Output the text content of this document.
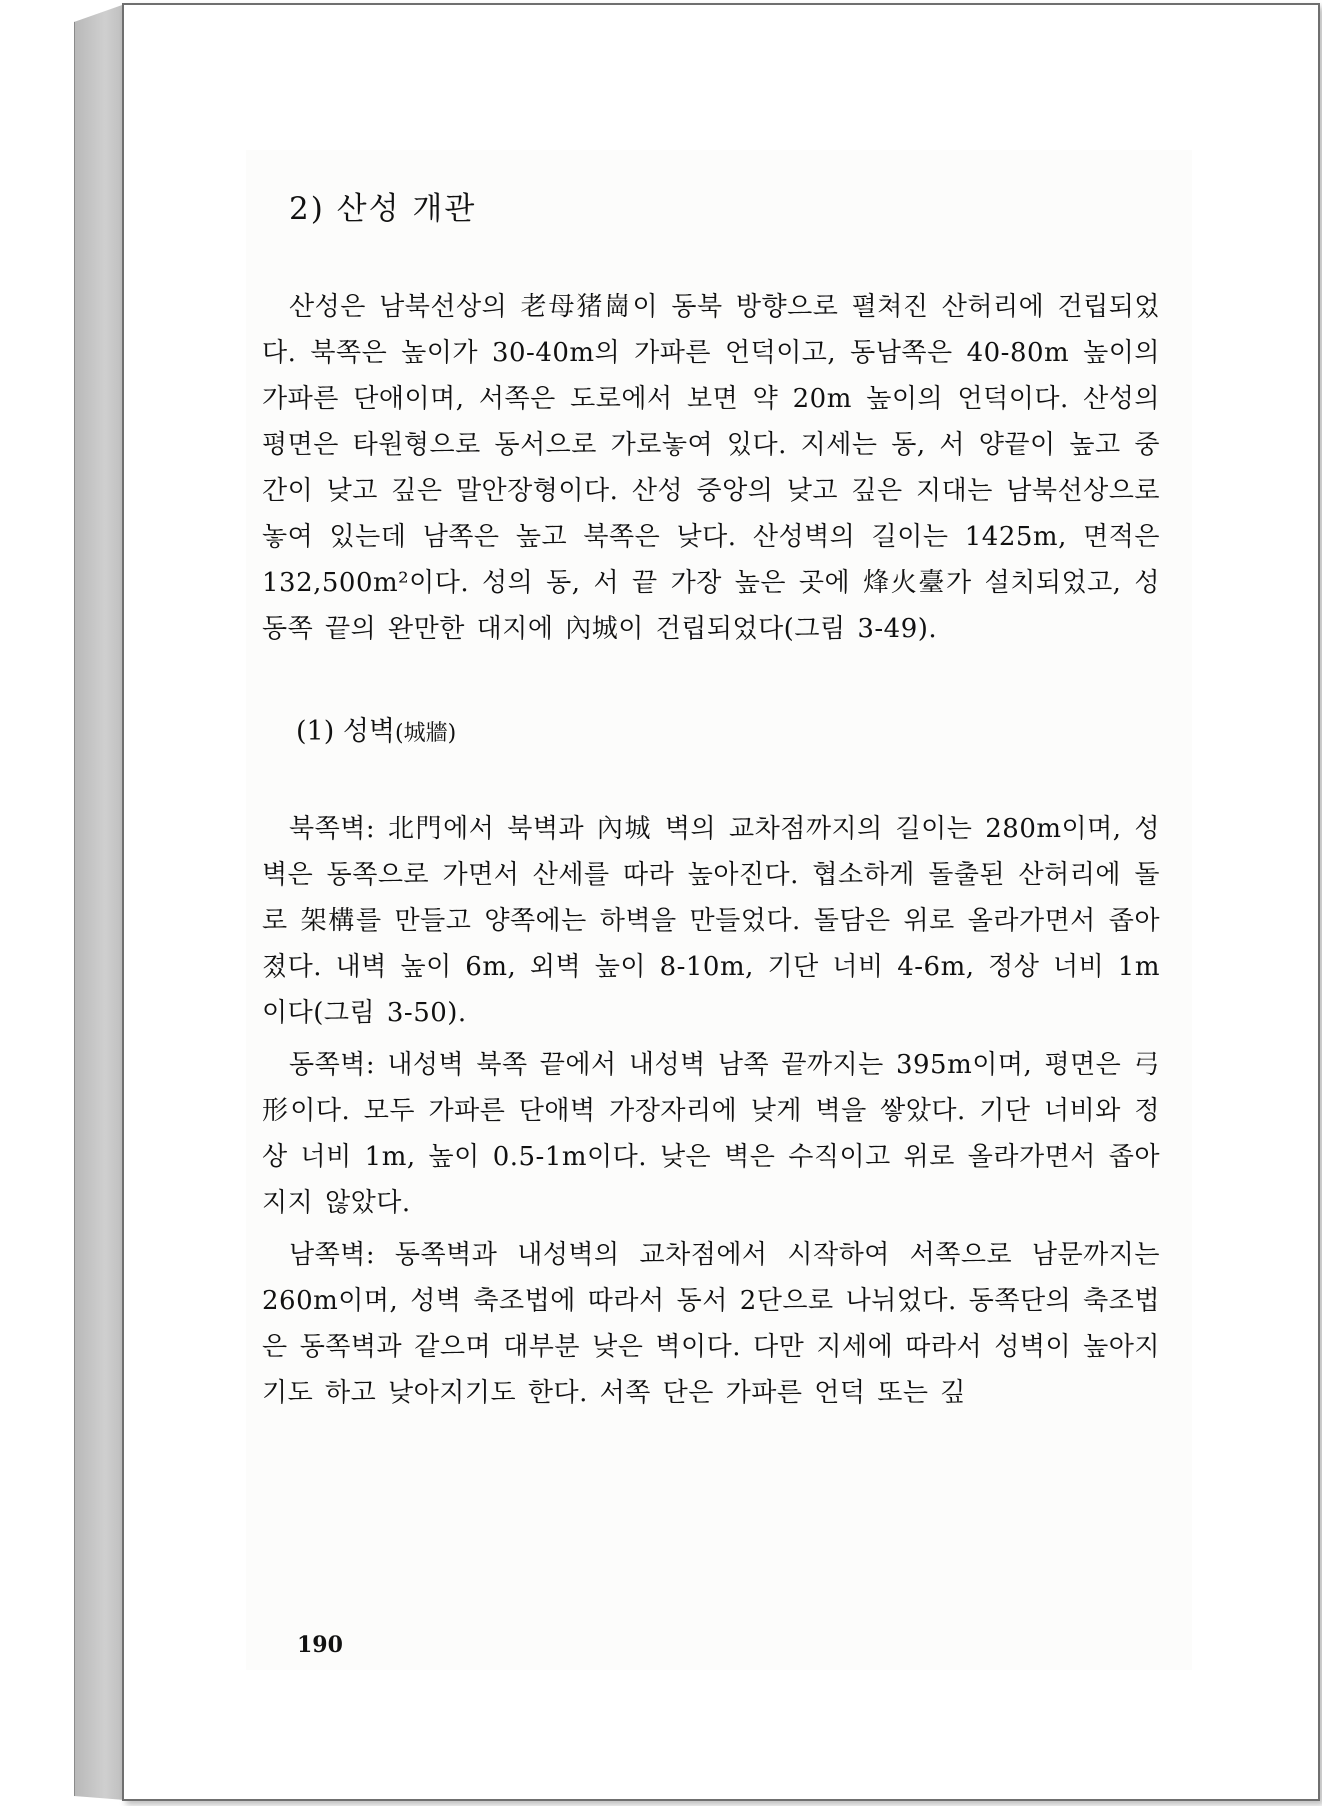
2) 산성 개관

산성은 남북선상의 老母猪崗이 동북 방향으로 펼쳐진 산허리에 건립되었다. 북쪽은 높이가 30-40m의 가파른 언덕이고, 동남쪽은 40-80m 높이의 가파른 단애이며, 서쪽은 도로에서 보면 약 20m 높이의 언덕이다. 산성의 평면은 타원형으로 동서으로 가로놓여 있다. 지세는 동, 서 양끝이 높고 중간이 낮고 깊은 말안장형이다. 산성 중앙의 낮고 깊은 지대는 남북선상으로 놓여 있는데 남쪽은 높고 북쪽은 낮다. 산성벽의 길이는 1425m, 면적은 132,500m²이다. 성의 동, 서 끝 가장 높은 곳에 烽火臺가 설치되었고, 성 동쪽 끝의 완만한 대지에 內城이 건립되었다(그림 3-49).

(1) 성벽(城牆)

북쪽벽: 北門에서 북벽과 內城 벽의 교차점까지의 길이는 280m이며, 성벽은 동쪽으로 가면서 산세를 따라 높아진다. 협소하게 돌출된 산허리에 돌로 架構를 만들고 양쪽에는 하벽을 만들었다. 돌담은 위로 올라가면서 좁아졌다. 내벽 높이 6m, 외벽 높이 8-10m, 기단 너비 4-6m, 정상 너비 1m이다(그림 3-50).

동쪽벽: 내성벽 북쪽 끝에서 내성벽 남쪽 끝까지는 395m이며, 평면은 弓形이다. 모두 가파른 단애벽 가장자리에 낮게 벽을 쌓았다. 기단 너비와 정상 너비 1m, 높이 0.5-1m이다. 낮은 벽은 수직이고 위로 올라가면서 좁아지지 않았다.

남쪽벽: 동쪽벽과 내성벽의 교차점에서 시작하여 서쪽으로 남문까지는 260m이며, 성벽 축조법에 따라서 동서 2단으로 나뉘었다. 동쪽단의 축조법은 동쪽벽과 같으며 대부분 낮은 벽이다. 다만 지세에 따라서 성벽이 높아지기도 하고 낮아지기도 한다. 서쪽 단은 가파른 언덕 또는 깊

190
